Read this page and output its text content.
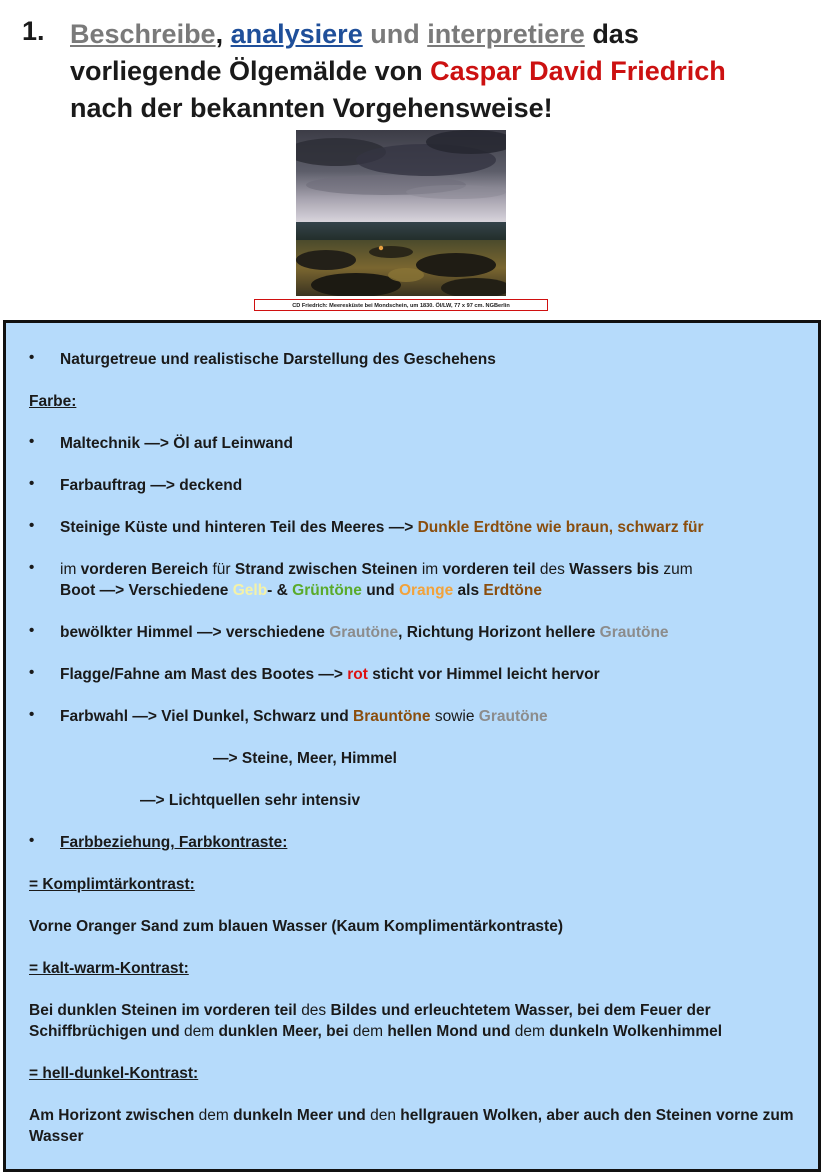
1. Beschreibe, analysiere und interpretiere das
vorliegende Ölgemälde von Caspar David Friedrich
nach der bekannten Vorgehensweise!
CD Friedrich: Meeresküste bei Mondschein, um 1830. Öl/LW, 77 x 97 cm. NGBerlin
• Naturgetreue und realistische Darstellung des Geschehens
Farbe:
• Maltechnik —> Öl auf Leinwand
• Farbauftrag —> deckend
• Steinige Küste und hinteren Teil des Meeres —> Dunkle Erdtöne wie braun, schwarz für
• im vorderen Bereich für Strand zwischen Steinen im vorderen teil des Wassers bis zum
Boot —> Verschiedene Gelb- & Grüntöne und Orange als Erdtöne
• bewölkter Himmel —> verschiedene Grautöne, Richtung Horizont hellere Grautöne
• Flagge/Fahne am Mast des Bootes —> rot sticht vor Himmel leicht hervor
• Farbwahl —> Viel Dunkel, Schwarz und Brauntöne sowie Grautöne
—> Steine, Meer, Himmel
—> Lichtquellen sehr intensiv
• Farbbeziehung, Farbkontraste:
= Komplimtärkontrast:
Vorne Oranger Sand zum blauen Wasser (Kaum Komplimentärkontraste)
= kalt-warm-Kontrast:
Bei dunklen Steinen im vorderen teil des Bildes und erleuchtetem Wasser, bei dem Feuer der Schiffbrüchigen und dem dunklen Meer, bei dem hellen Mond und dem dunkeln Wolkenhimmel
= hell-dunkel-Kontrast:
Am Horizont zwischen dem dunkeln Meer und den hellgrauen Wolken, aber auch den Steinen vorne zum Wasser
